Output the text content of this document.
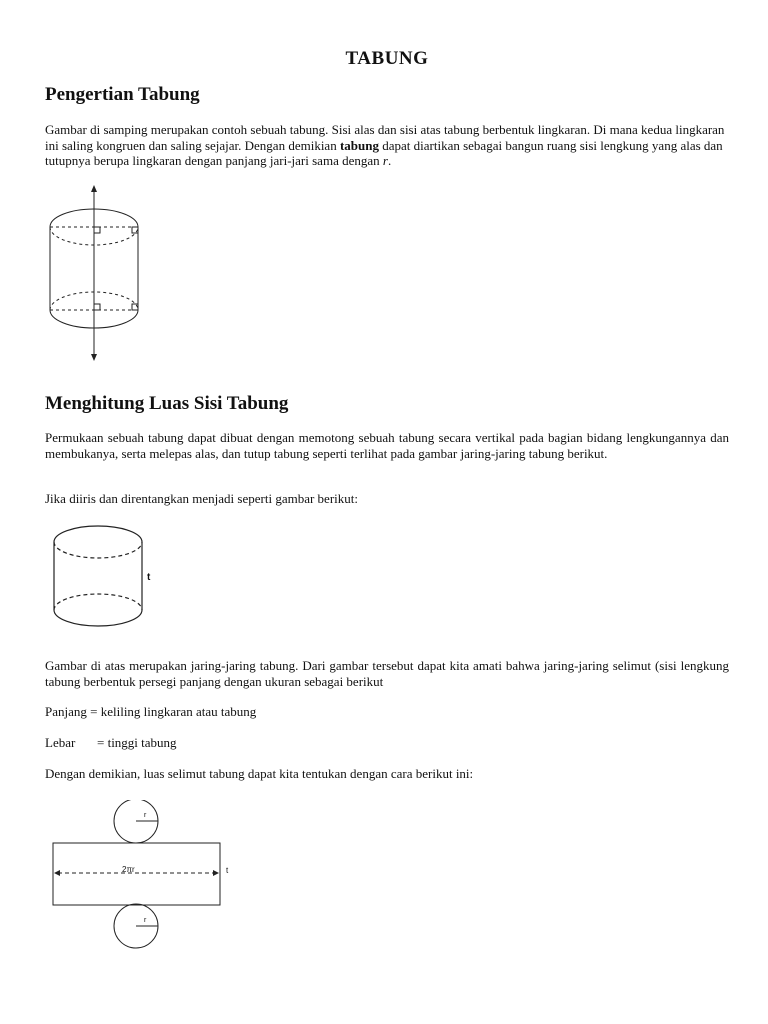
TABUNG
Pengertian Tabung

Gambar di samping merupakan contoh sebuah tabung. Sisi alas dan sisi atas tabung berbentuk lingkaran. Di mana kedua lingkaran ini saling kongruen dan saling sejajar. Dengan demikian tabung dapat diartikan sebagai bangun ruang sisi lengkung yang alas dan tutupnya berupa lingkaran dengan panjang jari-jari sama dengan r.

Menghitung Luas Sisi Tabung

Permukaan sebuah tabung dapat dibuat dengan memotong sebuah tabung secara vertikal pada bagian bidang lengkungannya dan membukanya, serta melepas alas, dan tutup tabung seperti terlihat pada gambar jaring-jaring tabung berikut.

Jika diiris dan direntangkan menjadi seperti gambar berikut:

t

Gambar di atas merupakan jaring-jaring tabung. Dari gambar tersebut dapat kita amati bahwa jaring-jaring selimut (sisi lengkung tabung berbentuk persegi panjang dengan ukuran sebagai berikut

Panjang = keliling lingkaran atau tabung

Lebar = tinggi tabung

Dengan demikian, luas selimut tabung dapat kita tentukan dengan cara berikut ini:

r
r
2πr	t
